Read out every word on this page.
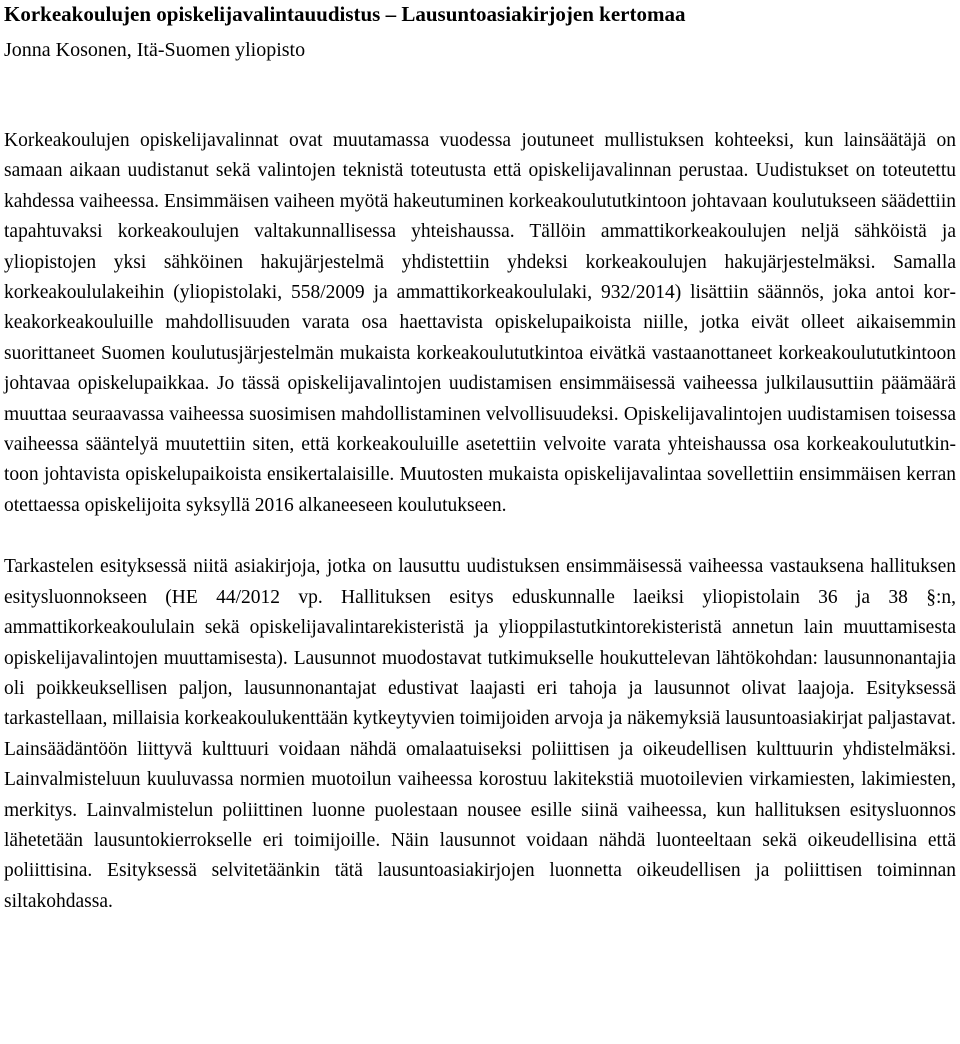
Korkeakoulujen opiskelijavalintauudistus – Lausuntoasiakirjojen kertomaa
Jonna Kosonen, Itä-Suomen yliopisto

Korkeakoulujen opiskelijavalinnat ovat muutamassa vuodessa joutuneet mullistuksen kohteeksi, kun lainsäätäjä on samaan aikaan uudistanut sekä valintojen teknistä toteutusta että opiskelijavalinnan perustaa. Uudistukset on toteutettu kahdessa vaiheessa. Ensimmäisen vaiheen myötä hakeutuminen korkeakoulututkintoon johtavaan koulutukseen säädettiin tapahtuvaksi korkeakoulujen valtakunnallisessa yhteishaussa. Tällöin ammattikorkeakoulujen neljä sähköistä ja yliopistojen yksi sähköinen hakujärjestelmä yhdistettiin yhdeksi korkeakoulujen hakujärjestelmäksi. Samalla korkeakoululakeihin (yliopistolaki, 558/2009 ja ammattikorkeakoululaki, 932/2014) lisättiin säännös, joka antoi korkeakorkeakouluille mahdollisuuden varata osa haettavista opiskelupaikoista niille, jotka eivät olleet aikaisemmin suorittaneet Suomen koulutusjärjestelmän mukaista korkeakoulututkintoa eivätkä vastaanottaneet korkeakoulututkintoon johtavaa opiskelupaikkaa. Jo tässä opiskelijavalintojen uudistamisen ensimmäisessä vaiheessa julkilausuttiin päämäärä muuttaa seuraavassa vaiheessa suosimisen mahdollistaminen velvollisuudeksi. Opiskelijavalintojen uudistamisen toisessa vaiheessa sääntelyä muutettiin siten, että korkeakouluille asetettiin velvoite varata yhteishaussa osa korkeakoulututkintoon johtavista opiskelupaikoista ensikertalaisille. Muutosten mukaista opiskelijavalintaa sovellettiin ensimmäisen kerran otettaessa opiskelijoita syksyllä 2016 alkaneeseen koulutukseen.

Tarkastelen esityksessä niitä asiakirjoja, jotka on lausuttu uudistuksen ensimmäisessä vaiheessa vastauksena hallituksen esitysluonnokseen (HE 44/2012 vp. Hallituksen esitys eduskunnalle laeiksi yliopistolain 36 ja 38 §:n, ammattikorkeakoululain sekä opiskelijavalintarekisteristä ja ylioppilastutkintorekisteristä annetun lain muuttamisesta opiskelijavalintojen muuttamisesta). Lausunnot muodostavat tutkimukselle houkuttelevan lähtökohdan: lausunnonantajia oli poikkeuksellisen paljon, lausunnonantajat edustivat laajasti eri tahoja ja lausunnot olivat laajoja. Esityksessä tarkastellaan, millaisia korkeakoulukenttään kytkeytyvien toimijoiden arvoja ja näkemyksiä lausuntoasiakirjat paljastavat. Lainsäädäntöön liittyvä kulttuuri voidaan nähdä omalaatuiseksi poliittisen ja oikeudellisen kulttuurin yhdistelmäksi. Lainvalmisteluun kuuluvassa normien muotoilun vaiheessa korostuu lakitekstiä muotoilevien virkamiesten, lakimiesten, merkitys. Lainvalmistelun poliittinen luonne puolestaan nousee esille siinä vaiheessa, kun hallituksen esitysluonnos lähetetään lausuntokierrokselle eri toimijoille. Näin lausunnot voidaan nähdä luonteeltaan sekä oikeudellisina että poliittisina. Esityksessä selvitetäänkin tätä lausuntoasiakirjojen luonnetta oikeudellisen ja poliittisen toiminnan siltakohdassa.
